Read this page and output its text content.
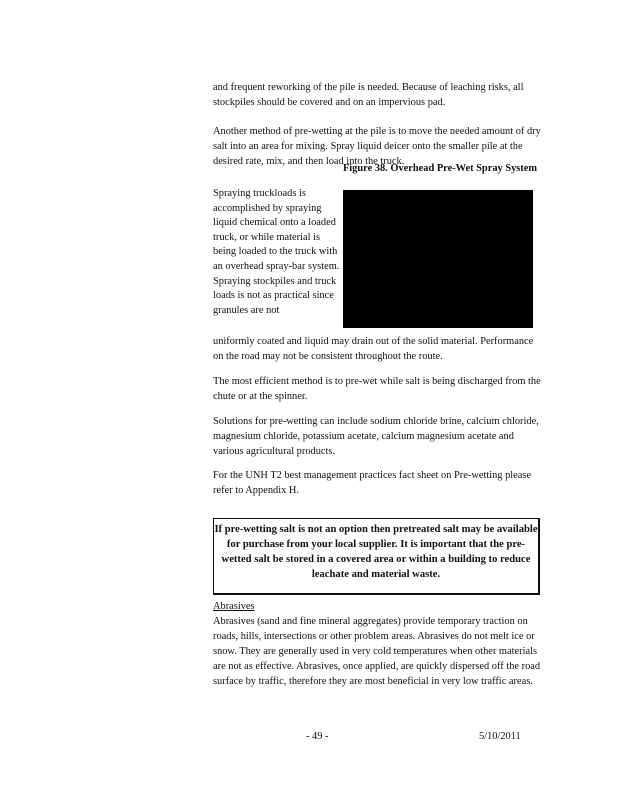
and frequent reworking of the pile is needed. Because of leaching risks, all stockpiles should be covered and on an impervious pad.

Another method of pre-wetting at the pile is to move the needed amount of dry salt into an area for mixing. Spray liquid deicer onto the smaller pile at the desired rate, mix, and then load into the truck.

Figure 38. Overhead Pre-Wet Spray System

Spraying truckloads is accomplished by spraying liquid chemical onto a loaded truck, or while material is being loaded to the truck with an overhead spray-bar system. Spraying stockpiles and truck loads is not as practical since granules are not

uniformly coated and liquid may drain out of the solid material. Performance on the road may not be consistent throughout the route.

The most efficient method is to pre-wet while salt is being discharged from the chute or at the spinner.

Solutions for pre-wetting can include sodium chloride brine, calcium chloride, magnesium chloride, potassium acetate, calcium magnesium acetate and various agricultural products.

For the UNH T2 best management practices fact sheet on Pre-wetting please refer to Appendix H.

If pre-wetting salt is not an option then pretreated salt may be available for purchase from your local supplier. It is important that the pre-wetted salt be stored in a covered area or within a building to reduce leachate and material waste.
Abrasives

Abrasives (sand and fine mineral aggregates) provide temporary traction on roads, hills, intersections or other problem areas. Abrasives do not melt ice or snow. They are generally used in very cold temperatures when other materials are not as effective. Abrasives, once applied, are quickly dispersed off the road surface by traffic, therefore they are most beneficial in very low traffic areas.

- 49 -	5/10/2011
